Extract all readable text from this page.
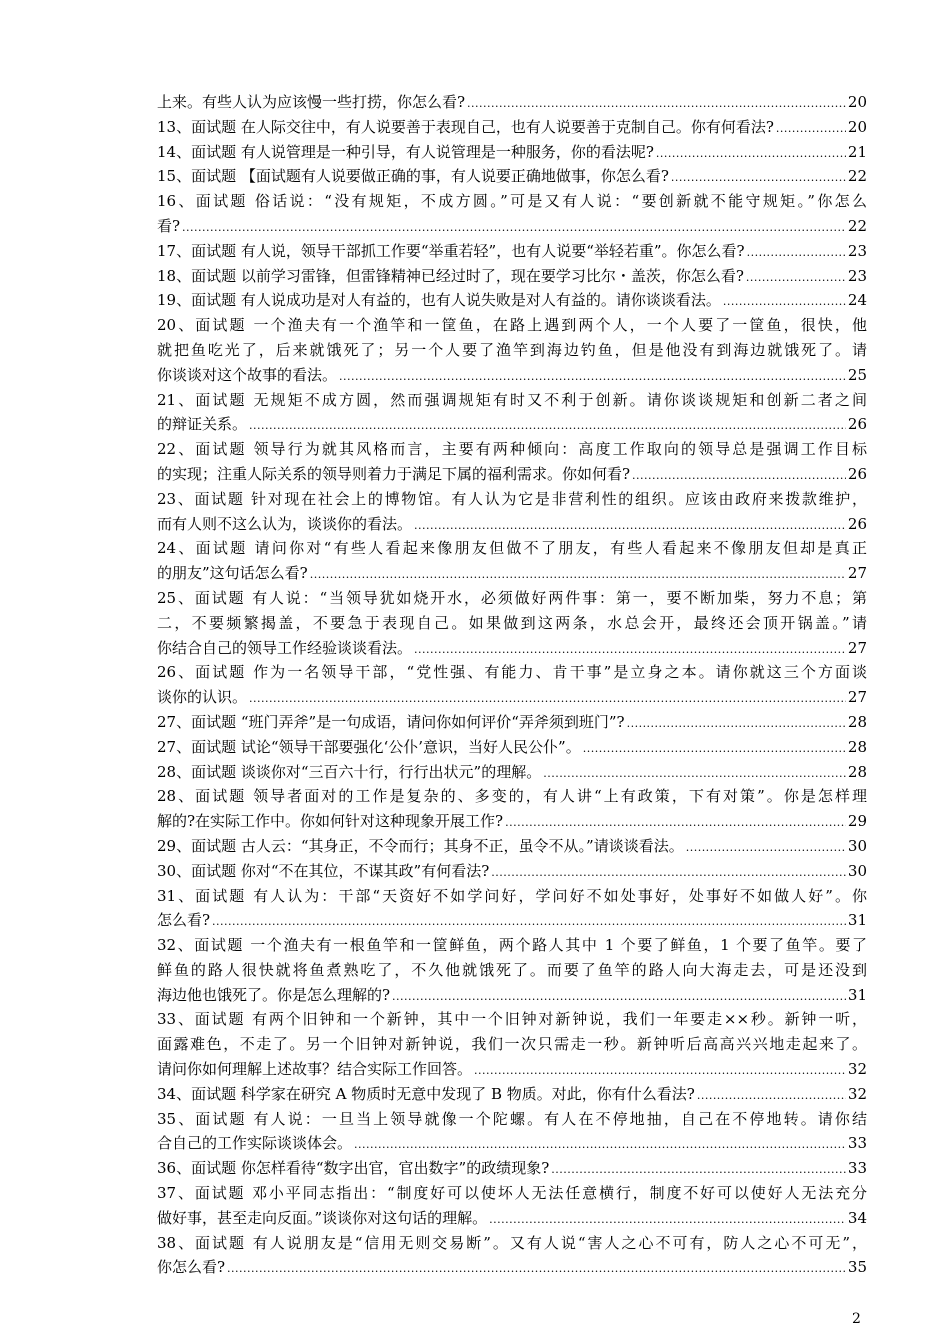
上来。有些人认为应该慢一些打捞，你怎么看? .....	20
13、面试题 在人际交往中，有人说要善于表现自己，也有人说要善于克制自己。你有何看法? .....	20
14、面试题 有人说管理是一种引导，有人说管理是一种服务，你的看法呢? .....	21
15、面试题 【面试题有人说要做正确的事，有人说要正确地做事，你怎么看? .....	22
16、面试题 俗话说：“没有规矩，不成方圆。”可是又有人说：“要创新就不能守规矩。”你怎么
看? .....	22
17、面试题 有人说，领导干部抓工作要“举重若轻”，也有人说要“举轻若重”。你怎么看? .....	23
18、面试题 以前学习雷锋，但雷锋精神已经过时了，现在要学习比尔・盖茨，你怎么看? .....	23
19、面试题 有人说成功是对人有益的，也有人说失败是对人有益的。请你谈谈看法。 .....	24
20、面试题 一个渔夫有一个渔竿和一筐鱼，在路上遇到两个人，一个人要了一筐鱼，很快，他
就把鱼吃光了，后来就饿死了；另一个人要了渔竿到海边钓鱼，但是他没有到海边就饿死了。请
你谈谈对这个故事的看法。 .....	25
21、面试题 无规矩不成方圆，然而强调规矩有时又不利于创新。请你谈谈规矩和创新二者之间
的辩证关系。 .....	26
22、面试题 领导行为就其风格而言，主要有两种倾向：高度工作取向的领导总是强调工作目标
的实现；注重人际关系的领导则着力于满足下属的福利需求。你如何看? .....	26
23、面试题 针对现在社会上的博物馆。有人认为它是非营利性的组织。应该由政府来拨款维护，
而有人则不这么认为，谈谈你的看法。 .....	26
24、面试题 请问你对“有些人看起来像朋友但做不了朋友，有些人看起来不像朋友但却是真正
的朋友”这句话怎么看? .....	27
25、面试题 有人说：“当领导犹如烧开水，必须做好两件事：第一，要不断加柴，努力不息；第
二，不要频繁揭盖，不要急于表现自己。如果做到这两条，水总会开，最终还会顶开锅盖。”请
你结合自己的领导工作经验谈谈看法。 .....	27
26、面试题 作为一名领导干部，“党性强、有能力、肯干事”是立身之本。请你就这三个方面谈
谈你的认识。 .....	27
27、面试题 “班门弄斧”是一句成语，请问你如何评价“弄斧须到班门”? .....	28
27、面试题 试论“领导干部要强化‘公仆’意识，当好人民公仆”。 .....	28
28、面试题 谈谈你对“三百六十行，行行出状元”的理解。 .....	28
28、面试题 领导者面对的工作是复杂的、多变的，有人讲“上有政策，下有对策”。你是怎样理
解的?在实际工作中。你如何针对这种现象开展工作? .....	29
29、面试题 古人云：“其身正，不令而行；其身不正，虽令不从。”请谈谈看法。 .....	30
30、面试题 你对“不在其位，不谋其政”有何看法? .....	30
31、面试题 有人认为：干部“天资好不如学问好，学问好不如处事好，处事好不如做人好”。你
怎么看? .....	31
32、面试题 一个渔夫有一根鱼竿和一筐鲜鱼，两个路人其中 1 个要了鲜鱼，1 个要了鱼竿。要了
鲜鱼的路人很快就将鱼煮熟吃了，不久他就饿死了。而要了鱼竿的路人向大海走去，可是还没到
海边他也饿死了。你是怎么理解的? .....	31
33、面试题 有两个旧钟和一个新钟，其中一个旧钟对新钟说，我们一年要走××秒。新钟一听，
面露难色，不走了。另一个旧钟对新钟说，我们一次只需走一秒。新钟听后高高兴兴地走起来了。
请问你如何理解上述故事？结合实际工作回答。 .....	32
34、面试题 科学家在研究 A 物质时无意中发现了 B 物质。对此，你有什么看法? .....	32
35、面试题 有人说：一旦当上领导就像一个陀螺。有人在不停地抽，自己在不停地转。请你结
合自己的工作实际谈谈体会。 .....	33
36、面试题 你怎样看待“数字出官，官出数字”的政绩现象? .....	33
37、面试题 邓小平同志指出：“制度好可以使坏人无法任意横行，制度不好可以使好人无法充分
做好事，甚至走向反面。”谈谈你对这句话的理解。 .....	34
38、面试题 有人说朋友是“信用无则交易断”。又有人说“害人之心不可有，防人之心不可无”，
你怎么看? .....	35
2
